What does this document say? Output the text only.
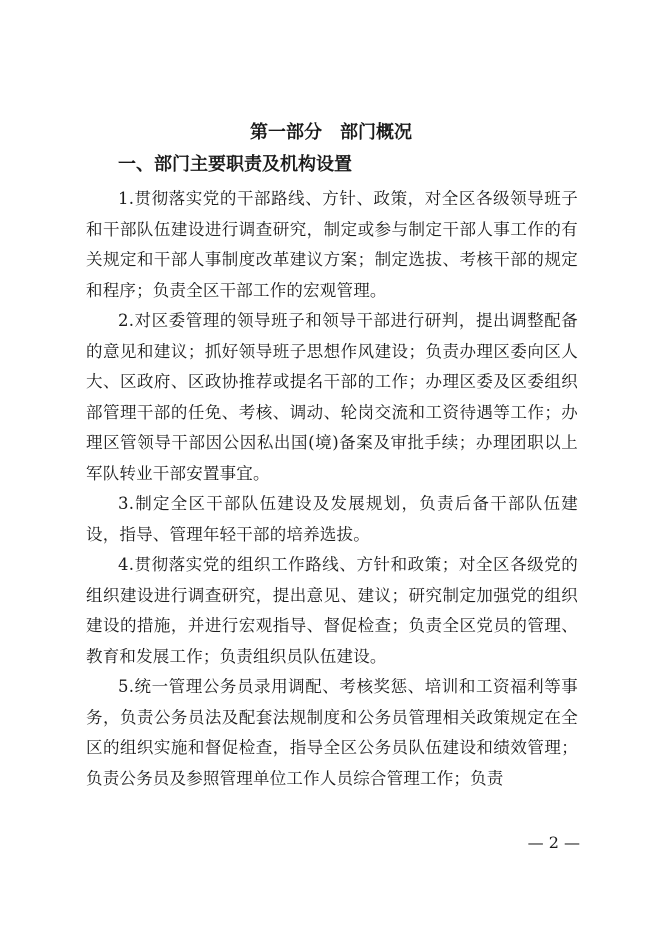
第一部分　部门概况
一、部门主要职责及机构设置

1.贯彻落实党的干部路线、方针、政策，对全区各级领导班子和干部队伍建设进行调查研究，制定或参与制定干部人事工作的有关规定和干部人事制度改革建议方案；制定选拔、考核干部的规定和程序；负责全区干部工作的宏观管理。

2.对区委管理的领导班子和领导干部进行研判，提出调整配备的意见和建议；抓好领导班子思想作风建设；负责办理区委向区人大、区政府、区政协推荐或提名干部的工作；办理区委及区委组织部管理干部的任免、考核、调动、轮岗交流和工资待遇等工作；办理区管领导干部因公因私出国(境)备案及审批手续；办理团职以上军队转业干部安置事宜。

3.制定全区干部队伍建设及发展规划，负责后备干部队伍建设，指导、管理年轻干部的培养选拔。

4.贯彻落实党的组织工作路线、方针和政策；对全区各级党的组织建设进行调查研究，提出意见、建议；研究制定加强党的组织建设的措施，并进行宏观指导、督促检查；负责全区党员的管理、教育和发展工作；负责组织员队伍建设。

5.统一管理公务员录用调配、考核奖惩、培训和工资福利等事务，负责公务员法及配套法规制度和公务员管理相关政策规定在全区的组织实施和督促检查，指导全区公务员队伍建设和绩效管理；负责公务员及参照管理单位工作人员综合管理工作；负责

— 2 —
